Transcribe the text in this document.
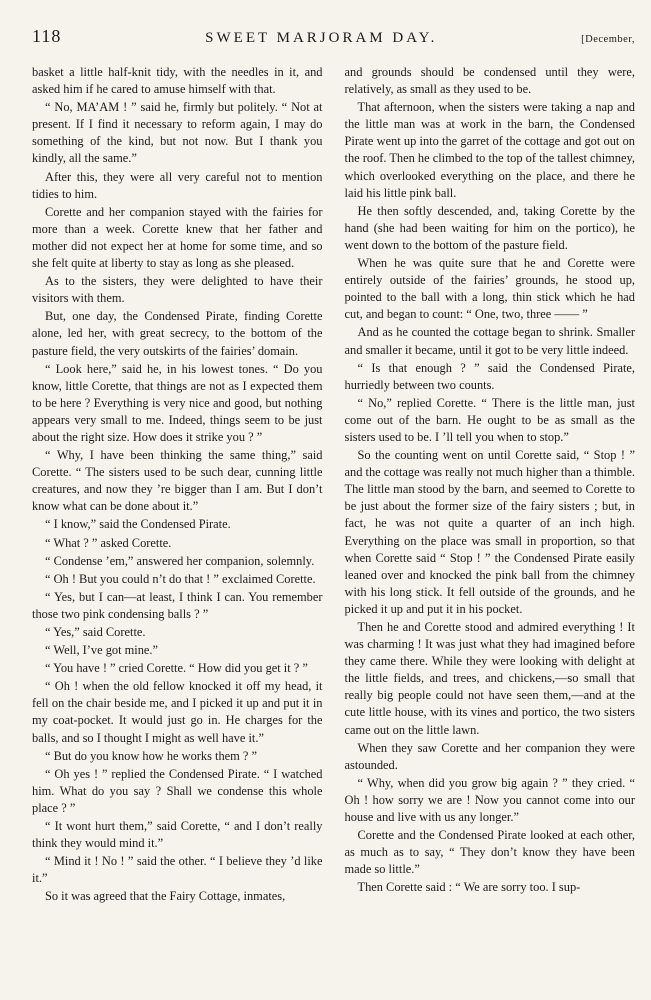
118	SWEET MARJORAM DAY.	[December,

basket a little half-knit tidy, with the needles in it, and asked him if he cared to amuse himself with that.

“ No, MA’AM ! ” said he, firmly but politely. “ Not at present. If I find it necessary to reform again, I may do something of the kind, but not now. But I thank you kindly, all the same.”

After this, they were all very careful not to mention tidies to him.

Corette and her companion stayed with the fairies for more than a week. Corette knew that her father and mother did not expect her at home for some time, and so she felt quite at liberty to stay as long as she pleased.

As to the sisters, they were delighted to have their visitors with them.

But, one day, the Condensed Pirate, finding Corette alone, led her, with great secrecy, to the bottom of the pasture field, the very outskirts of the fairies’ domain.

“ Look here,” said he, in his lowest tones. “ Do you know, little Corette, that things are not as I expected them to be here ? Everything is very nice and good, but nothing appears very small to me. Indeed, things seem to be just about the right size. How does it strike you ? ”

“ Why, I have been thinking the same thing,” said Corette. “ The sisters used to be such dear, cunning little creatures, and now they ’re bigger than I am. But I don’t know what can be done about it.”

“ I know,” said the Condensed Pirate.

“ What ? ” asked Corette.

“ Condense ’em,” answered her companion, solemnly.

“ Oh ! But you could n’t do that ! ” exclaimed Corette.

“ Yes, but I can—at least, I think I can. You remember those two pink condensing balls ? ”

“ Yes,” said Corette.

“ Well, I’ve got mine.”

“ You have ! ” cried Corette. “ How did you get it ? ”

“ Oh ! when the old fellow knocked it off my head, it fell on the chair beside me, and I picked it up and put it in my coat-pocket. It would just go in. He charges for the balls, and so I thought I might as well have it.”

“ But do you know how he works them ? ”

“ Oh yes ! ” replied the Condensed Pirate. “ I watched him. What do you say ? Shall we condense this whole place ? ”

“ It wont hurt them,” said Corette, “ and I don’t really think they would mind it.”

“ Mind it ! No ! ” said the other. “ I believe they ’d like it.”

So it was agreed that the Fairy Cottage, inmates,

and grounds should be condensed until they were, relatively, as small as they used to be.

That afternoon, when the sisters were taking a nap and the little man was at work in the barn, the Condensed Pirate went up into the garret of the cottage and got out on the roof. Then he climbed to the top of the tallest chimney, which overlooked everything on the place, and there he laid his little pink ball.

He then softly descended, and, taking Corette by the hand (she had been waiting for him on the portico), he went down to the bottom of the pasture field.

When he was quite sure that he and Corette were entirely outside of the fairies’ grounds, he stood up, pointed to the ball with a long, thin stick which he had cut, and began to count: “ One, two, three —— ”

And as he counted the cottage began to shrink. Smaller and smaller it became, until it got to be very little indeed.

“ Is that enough ? ” said the Condensed Pirate, hurriedly between two counts.

“ No,” replied Corette. “ There is the little man, just come out of the barn. He ought to be as small as the sisters used to be. I ’ll tell you when to stop.”

So the counting went on until Corette said, “ Stop ! ” and the cottage was really not much higher than a thimble. The little man stood by the barn, and seemed to Corette to be just about the former size of the fairy sisters ; but, in fact, he was not quite a quarter of an inch high. Everything on the place was small in proportion, so that when Corette said “ Stop ! ” the Condensed Pirate easily leaned over and knocked the pink ball from the chimney with his long stick. It fell outside of the grounds, and he picked it up and put it in his pocket.

Then he and Corette stood and admired everything ! It was charming ! It was just what they had imagined before they came there. While they were looking with delight at the little fields, and trees, and chickens,—so small that really big people could not have seen them,—and at the cute little house, with its vines and portico, the two sisters came out on the little lawn.

When they saw Corette and her companion they were astounded.

“ Why, when did you grow big again ? ” they cried. “ Oh ! how sorry we are ! Now you cannot come into our house and live with us any longer.”

Corette and the Condensed Pirate looked at each other, as much as to say, “ They don’t know they have been made so little.”

Then Corette said : “ We are sorry too. I sup-
